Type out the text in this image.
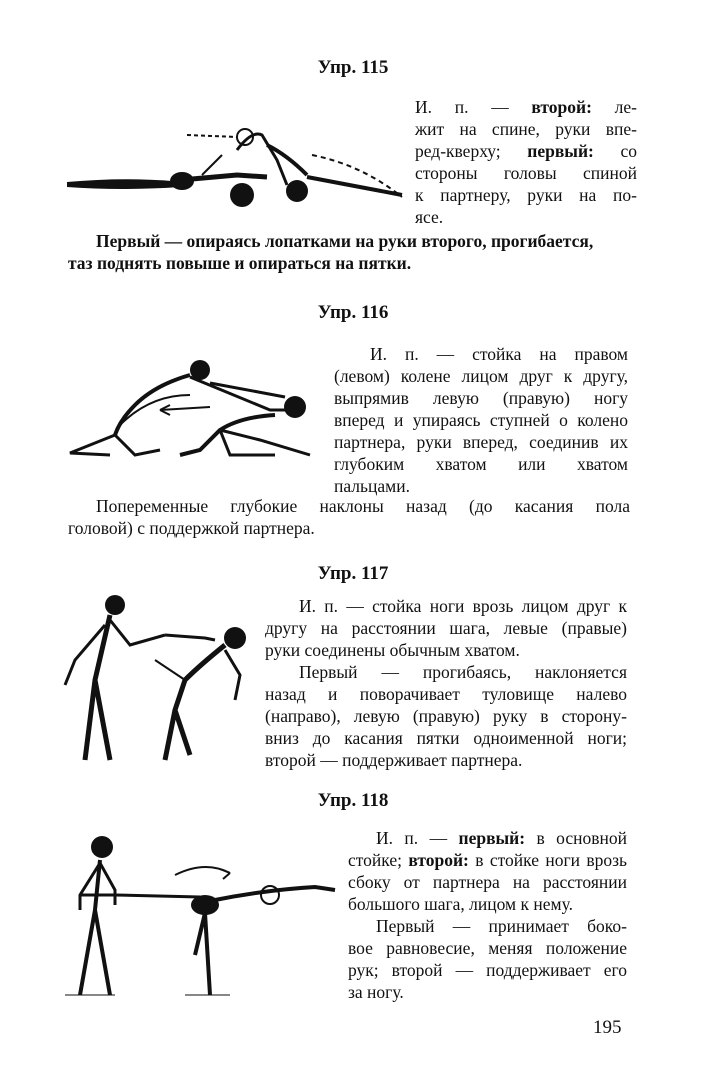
Упр. 115
И. п. — второй: ле-
жит на спине, руки впе-
ред-кверху; первый: со
стороны головы спиной
к партнеру, руки на по-
ясе.
Первый — опираясь лопатками на руки второго, прогибается,
таз поднять повыше и опираться на пятки.
Упр. 116
И. п. — стойка на правом
(левом) колене лицом друг к другу,
выпрямив левую (правую) ногу
вперед и упираясь ступней о колено
партнера, руки вперед, соединив их
глубоким хватом или хватом
пальцами.
Попеременные глубокие наклоны назад (до касания пола
головой) с поддержкой партнера.
Упр. 117
И. п. — стойка ноги врозь лицом друг к
другу на расстоянии шага, левые (правые)
руки соединены обычным хватом.
Первый — прогибаясь, наклоняется
назад и поворачивает туловище налево
(направо), левую (правую) руку в сторону-
вниз до касания пятки одноименной ноги;
второй — поддерживает партнера.
Упр. 118
И. п. — первый: в основной
стойке; второй: в стойке ноги врозь
сбоку от партнера на расстоянии
большого шага, лицом к нему.
Первый — принимает боко-
вое равновесие, меняя положение
рук; второй — поддерживает его
за ногу.
195
